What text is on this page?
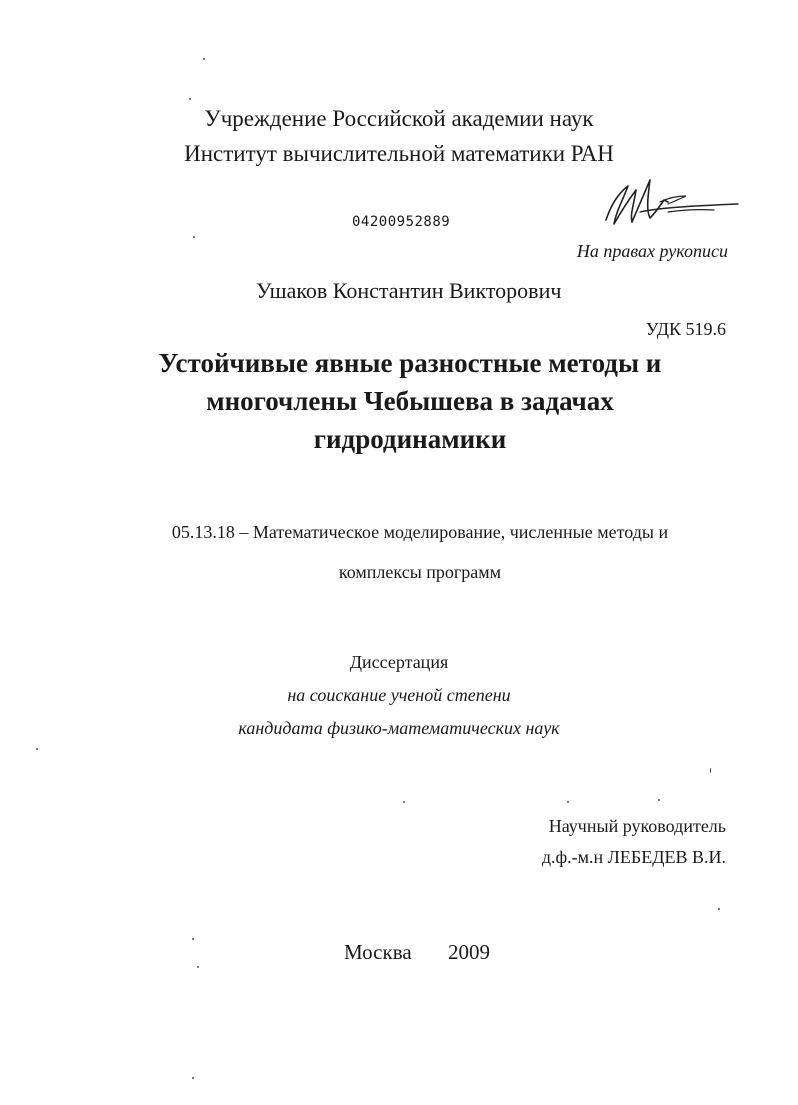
Учреждение Российской академии наук
Институт вычислительной математики РАН
04200952889
На правах рукописи
Ушаков Константин Викторович
УДК 519.6
Устойчивые явные разностные методы и
многочлены Чебышева в задачах
гидродинамики
05.13.18 – Математическое моделирование, численные методы и
комплексы программ
Диссертация
на соискание ученой степени
кандидата физико-математических наук
Научный руководитель
д.ф.-м.н ЛЕБЕДЕВ В.И.
Москва 2009
